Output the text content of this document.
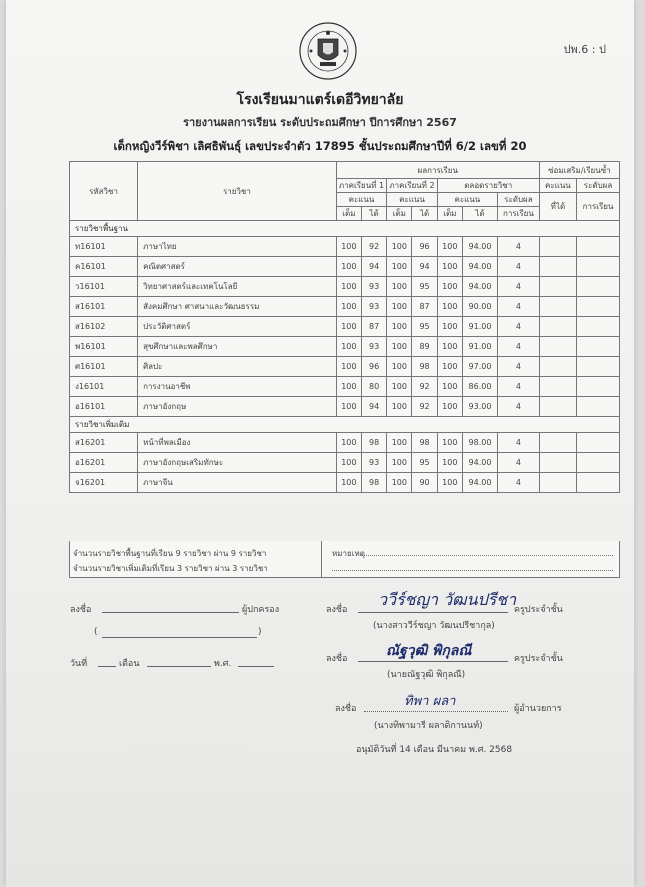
ปพ.6 : ป
โรงเรียนมาแตร์เดอีวิทยาลัย
รายงานผลการเรียน ระดับประถมศึกษา ปีการศึกษา 2567
เด็กหญิงวีร์พิชา เลิศธิพันธุ์ เลขประจำตัว 17895 ชั้นประถมศึกษาปีที่ 6/2 เลขที่ 20
รหัสวิชา	รายวิชา	ผลการเรียน							ซ่อมเสริม/เรียนซ้ำ	
		ภาคเรียนที่ 1		ภาคเรียนที่ 2		ตลอดรายวิชา			คะแนน	ระดับผล
		คะแนน		คะแนน		คะแนน		ระดับผล	ที่ได้	การเรียน
		เต็ม	ได้	เต็ม	ได้	เต็ม	ได้	การเรียน		
รายวิชาพื้นฐาน										
ท16101	ภาษาไทย	100	92	100	96	100	94.00	4		
ค16101	คณิตศาสตร์	100	94	100	94	100	94.00	4		
ว16101	วิทยาศาสตร์และเทคโนโลยี	100	93	100	95	100	94.00	4		
ส16101	สังคมศึกษา ศาสนาและวัฒนธรรม	100	93	100	87	100	90.00	4		
ส16102	ประวัติศาสตร์	100	87	100	95	100	91.00	4		
พ16101	สุขศึกษาและพลศึกษา	100	93	100	89	100	91.00	4		
ศ16101	ศิลปะ	100	96	100	98	100	97.00	4		
ง16101	การงานอาชีพ	100	80	100	92	100	86.00	4		
อ16101	ภาษาอังกฤษ	100	94	100	92	100	93.00	4		
รายวิชาเพิ่มเติม										
ส16201	หน้าที่พลเมือง	100	98	100	98	100	98.00	4		
อ16201	ภาษาอังกฤษเสริมทักษะ	100	93	100	95	100	94.00	4		
จ16201	ภาษาจีน	100	98	100	90	100	94.00	4		
จำนวนรายวิชาพื้นฐานที่เรียน 9 รายวิชา ผ่าน 9 รายวิชา
จำนวนรายวิชาเพิ่มเติมที่เรียน 3 รายวิชา ผ่าน 3 รายวิชา
หมายเหตุ
ลงชื่อ	ผู้ปกครอง
(	)
วันที่	เดือน	พ.ศ.
ลงชื่อ
ววีร์ชญา วัฒนปรีชา
ครูประจำชั้น
(นางสาววีร์ชญา วัฒนปรีชากุล)
ลงชื่อ	ณัฐวุฒิ พิกุลณี	ครูประจำชั้น
(นายณัฐวุฒิ พิกุลณี)
ลงชื่อ	ทิพา ผลา	ผู้อำนวยการ
(นางทิพามารี ผลาดิกานนท์)
อนุมัติวันที่ 14 เดือน มีนาคม พ.ศ. 2568
